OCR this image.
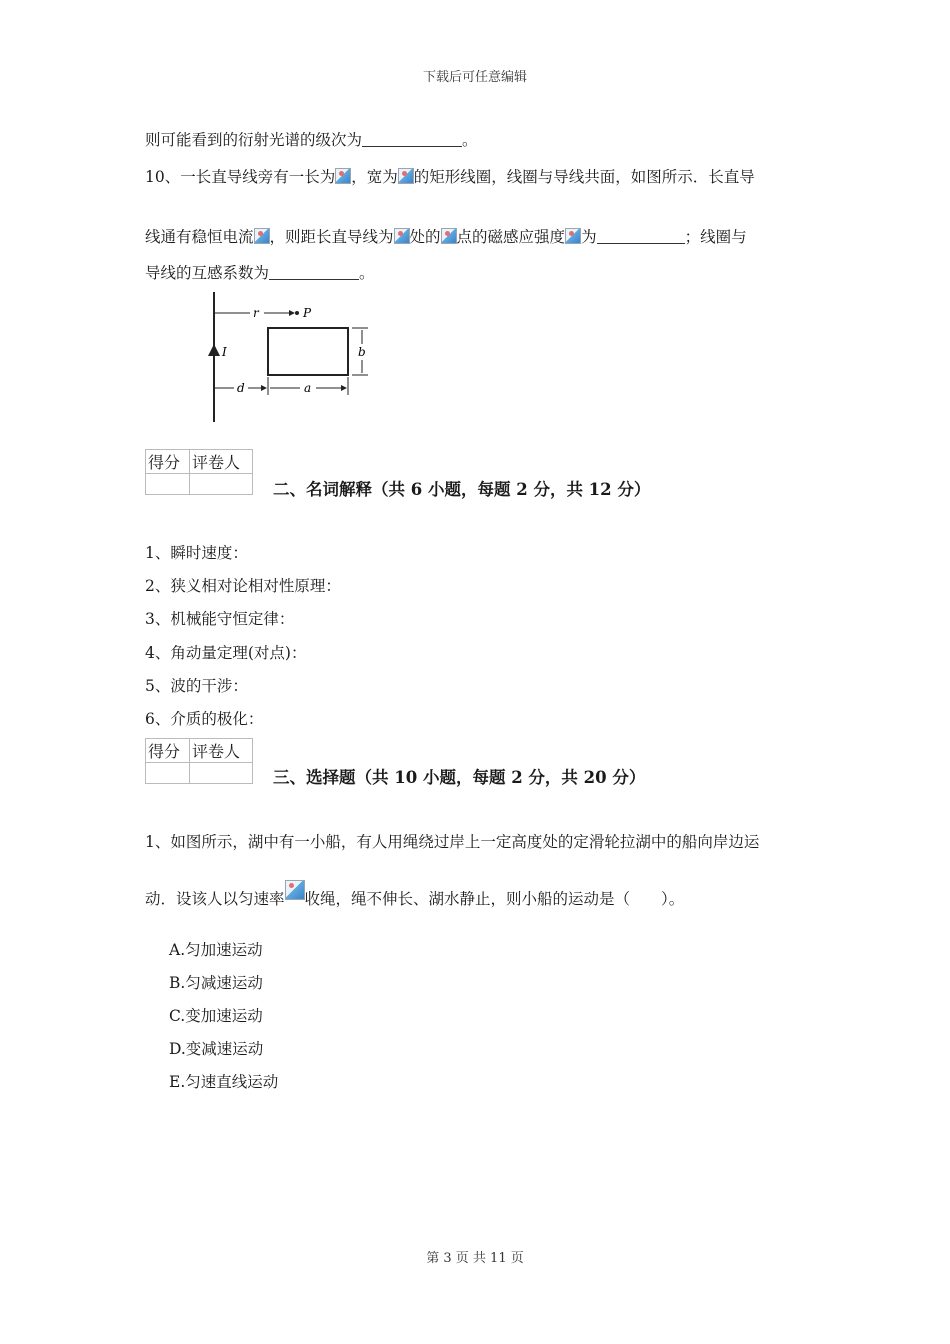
下载后可任意编辑
则可能看到的衍射光谱的级次为	。
10、一长直导线旁有一长为 ，宽为 的矩形线圈，线圈与导线共面，如图所示．长直导
线通有稳恒电流 ，则距长直导线为 处的 点的磁感应强度 为	；线圈与
导线的互感系数为	。
I
r	P
b
d	a
得分	评卷人

二、名词解释（共 6 小题，每题 2 分，共 12 分）
1、瞬时速度：
2、狭义相对论相对性原理：
3、机械能守恒定律：
4、角动量定理(对点)：
5、波的干涉：
6、介质的极化：
得分	评卷人

三、选择题（共 10 小题，每题 2 分，共 20 分）
1、如图所示，湖中有一小船，有人用绳绕过岸上一定高度处的定滑轮拉湖中的船向岸边运
动．设该人以匀速率 收绳，绳不伸长、湖水静止，则小船的运动是（　　）。
A.匀加速运动
B.匀减速运动
C.变加速运动
D.变减速运动
E.匀速直线运动
第 3 页 共 11 页
